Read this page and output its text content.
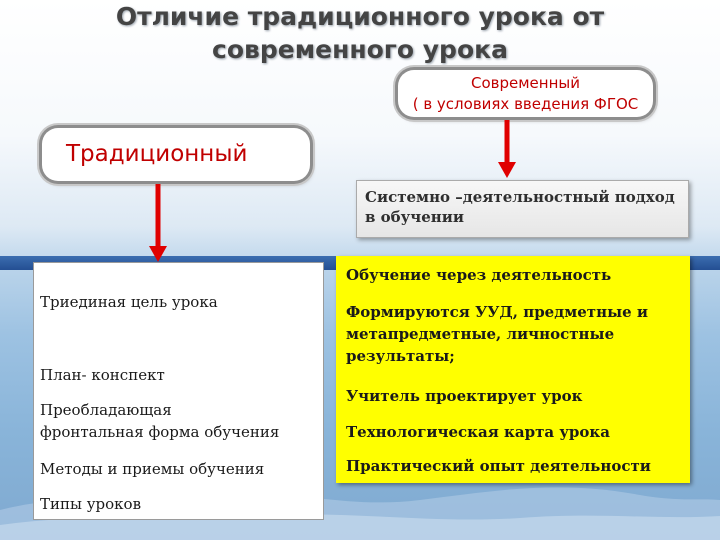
Отличие традиционного урока от
современного урока
Современный
( в условиях введения ФГОС
Традиционный
Системно –деятельностный подход
в обучении
Триединая цель урока
План- конспект
Преобладающая
фронтальная форма обучения
Методы и приемы обучения
Типы уроков
Обучение через деятельность
Формируются УУД, предметные и
метапредметные, личностные
результаты;
Учитель проектирует урок
Технологическая карта урока
Практический опыт деятельности
